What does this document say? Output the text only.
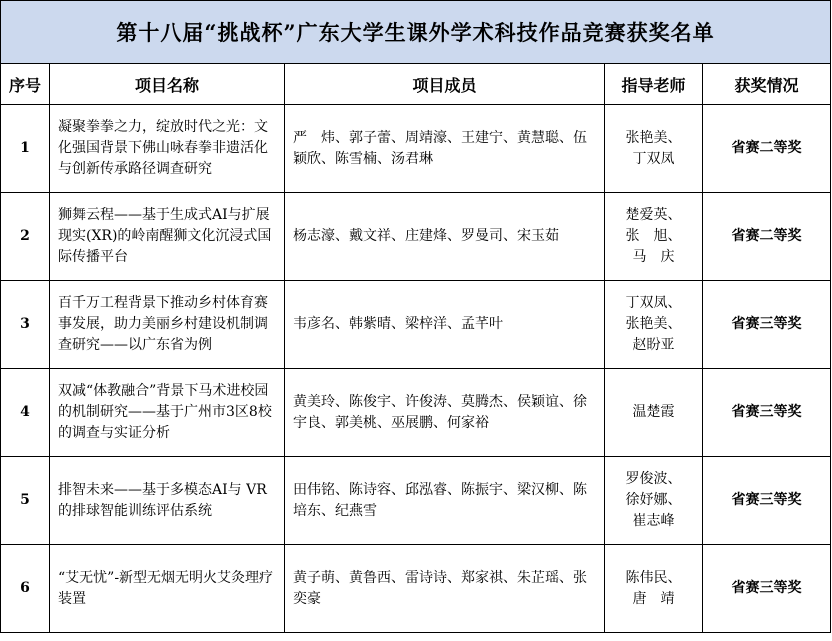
第十八届“挑战杯”广东大学生课外学术科技作品竞赛获奖名单				
序号	项目名称	项目成员	指导老师	获奖情况
1	凝聚拳拳之力，绽放时代之光：文化强国背景下佛山咏春拳非遗活化与创新传承路径调查研究	严　炜、郭子蕾、周靖濠、王建宁、黄慧聪、伍颖欣、陈雪楠、汤君琳	张艳美、
丁双凤	省赛二等奖
2	狮舞云程——基于生成式AI与扩展现实(XR)的岭南醒狮文化沉浸式国际传播平台	杨志濠、戴文祥、庄建烽、罗曼司、宋玉茹	楚爱英、
张　旭、
马　庆	省赛二等奖
3	百千万工程背景下推动乡村体育赛事发展，助力美丽乡村建设机制调查研究——以广东省为例	韦彦名、韩紫晴、梁梓洋、孟芊叶	丁双凤、
张艳美、
赵盼亚	省赛三等奖
4	双减“体教融合”背景下马术进校园的机制研究——基于广州市3区8校的调查与实证分析	黄美玲、陈俊宇、许俊涛、莫腾杰、侯颖谊、徐宇良、郭美桃、巫展鹏、何家裕	温楚霞	省赛三等奖
5	排智未来——基于多模态AI与 VR的排球智能训练评估系统	田伟铭、陈诗容、邱泓睿、陈振宇、梁汉柳、陈培东、纪燕雪	罗俊波、
徐妤娜、
崔志峰	省赛三等奖
6	“艾无忧”-新型无烟无明火艾灸理疗装置	黄子萌、黄鲁西、雷诗诗、郑家祺、朱芷瑶、张奕豪	陈伟民、
唐　靖	省赛三等奖
